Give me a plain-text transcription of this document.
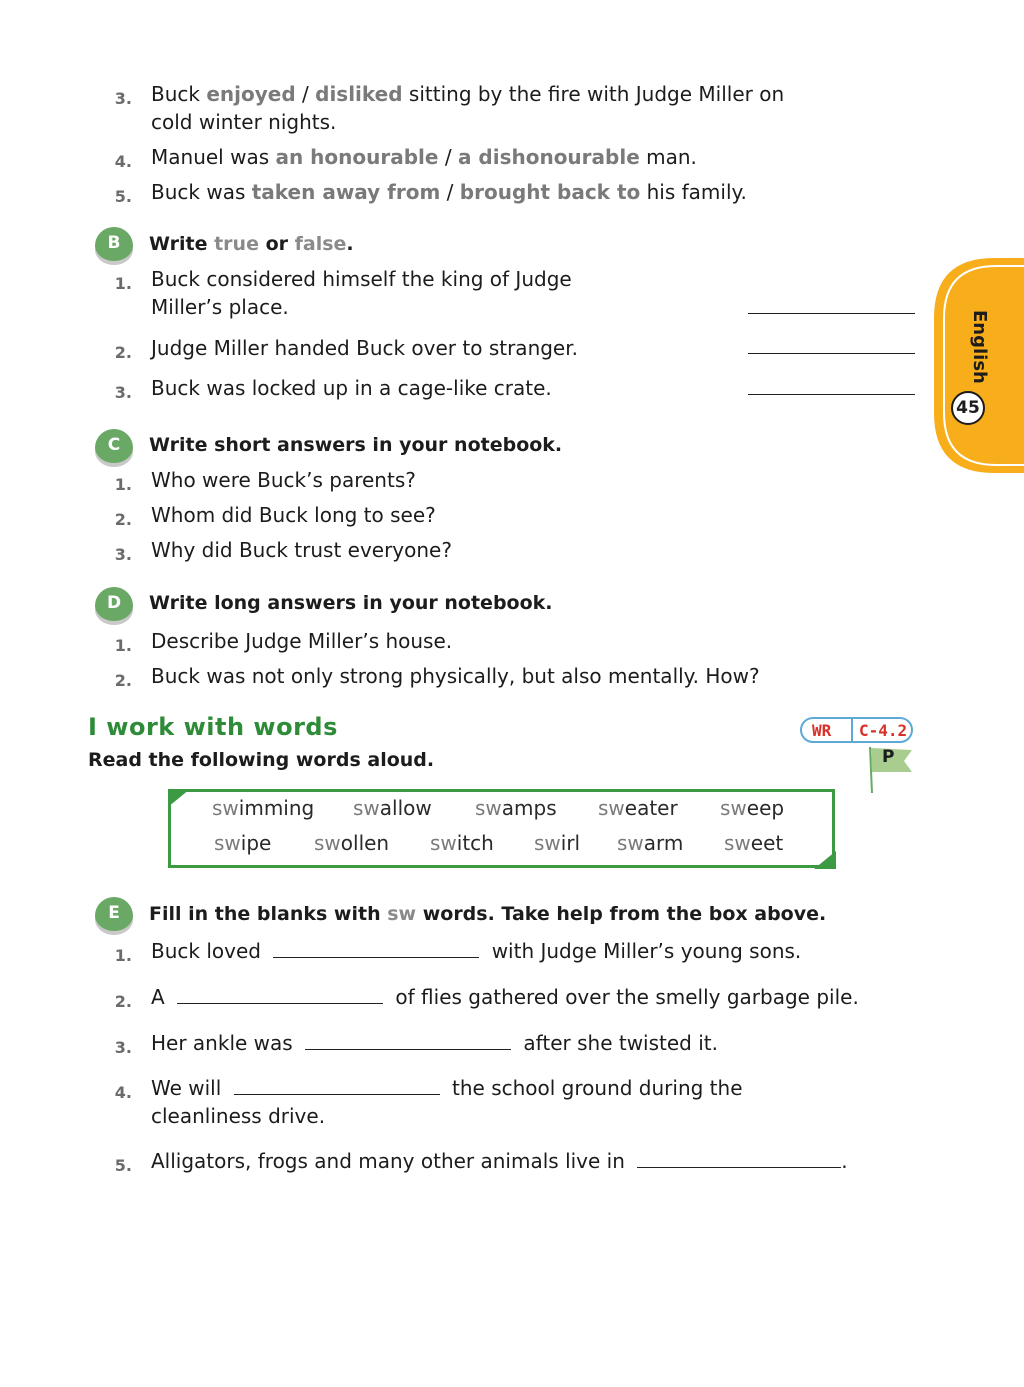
3. Buck enjoyed / disliked sitting by the fire with Judge Miller on
cold winter nights.
4. Manuel was an honourable / a dishonourable man.
5. Buck was taken away from / brought back to his family.
B	Write true or false.
1. Buck considered himself the king of Judge
Miller’s place.
2. Judge Miller handed Buck over to stranger.
3. Buck was locked up in a cage-like crate.
C	Write short answers in your notebook.
1. Who were Buck’s parents?
2. Whom did Buck long to see?
3. Why did Buck trust everyone?
D	Write long answers in your notebook.
1. Describe Judge Miller’s house.
2. Buck was not only strong physically, but also mentally. How?
I work with words
Read the following words aloud.
WR C-4.2
P
swimming swallow swamps sweater sweep
swipe swollen switch swirl swarm sweet
E	Fill in the blanks with sw words. Take help from the box above.
1. Buck loved	with Judge Miller’s young sons.
2. A	of flies gathered over the smelly garbage pile.
3. Her ankle was	after she twisted it.
4. We will	the school ground during the
cleanliness drive.
5. Alligators, frogs and many other animals live in	.
English
45
